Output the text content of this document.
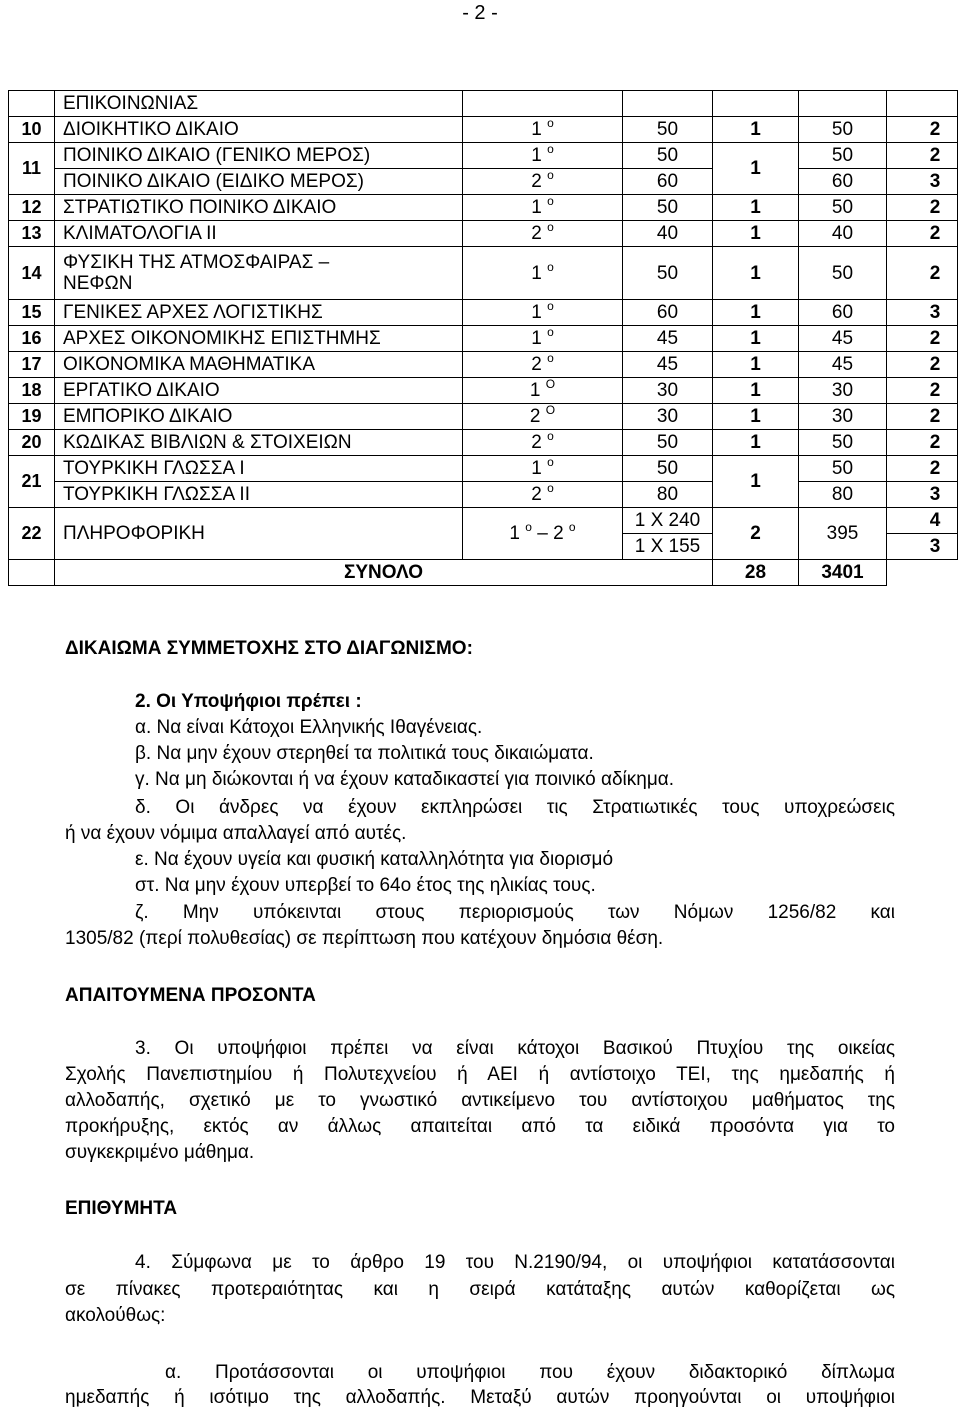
- 2 -
	ΕΠΙΚΟΙΝΩΝΙΑΣ					
10	ΔΙΟΙΚΗΤΙΚΟ ΔΙΚΑΙΟ	1 $^o$	50	1	50	2
11	ΠΟΙΝΙΚΟ ΔΙΚΑΙΟ (ΓΕΝΙΚΟ ΜΕΡΟΣ)	1 $^o$	50	1	50	2
	ΠΟΙΝΙΚΟ ΔΙΚΑΙΟ (ΕΙΔΙΚΟ ΜΕΡΟΣ)	2 $^o$	60		60	3
12	ΣΤΡΑΤΙΩΤΙΚΟ ΠΟΙΝΙΚΟ ΔΙΚΑΙΟ	1 $^o$	50	1	50	2
13	ΚΛΙΜΑΤΟΛΟΓΙΑ ΙΙ	2 $^o$	40	1	40	2
14	ΦΥΣΙΚΗ ΤΗΣ ΑΤΜΟΣΦΑΙΡΑΣ –
ΝΕΦΩΝ	1 $^o$	50	1	50	2
15	ΓΕΝΙΚΕΣ ΑΡΧΕΣ ΛΟΓΙΣΤΙΚΗΣ	1 $^o$	60	1	60	3
16	ΑΡΧΕΣ ΟΙΚΟΝΟΜΙΚΗΣ ΕΠΙΣΤΗΜΗΣ	1 $^o$	45	1	45	2
17	ΟΙΚΟΝΟΜΙΚΑ ΜΑΘΗΜΑΤΙΚΑ	2 $^o$	45	1	45	2
18	ΕΡΓΑΤΙΚΟ ΔΙΚΑΙΟ	1 $^O$	30	1	30	2
19	ΕΜΠΟΡΙΚΟ ΔΙΚΑΙΟ	2 $^O$	30	1	30	2
20	ΚΩΔΙΚΑΣ ΒΙΒΛΙΩΝ & ΣΤΟΙΧΕΙΩΝ	2 $^o$	50	1	50	2
21	ΤΟΥΡΚΙΚΗ ΓΛΩΣΣΑ Ι	1 $^o$	50	1	50	2
	ΤΟΥΡΚΙΚΗ ΓΛΩΣΣΑ ΙΙ	2 $^o$	80		80	3
22	ΠΛΗΡΟΦΟΡΙΚΗ	1 $^o$ – 2 $^o$	1 Χ 240	2	395	4
			1 Χ 155			3
	ΣΥΝΟΛΟ			28	3401	
ΔΙΚΑΙΩΜΑ ΣΥΜΜΕΤΟΧΗΣ ΣΤΟ ΔΙΑΓΩΝΙΣΜΟ:
2. Οι Υποψήφιοι πρέπει :
α. Να είναι Κάτοχοι Ελληνικής Ιθαγένειας.
β. Να μην έχουν στερηθεί τα πολιτικά τους δικαιώματα.
γ. Να μη διώκονται ή να έχουν καταδικαστεί για ποινικό αδίκημα.
δ. Οι άνδρες να έχουν εκπληρώσει τις Στρατιωτικές τους υποχρεώσεις
ή να έχουν νόμιμα απαλλαγεί από αυτές.
ε. Να έχουν υγεία και φυσική καταλληλότητα για διορισμό
στ. Να μην έχουν υπερβεί το 64ο έτος της ηλικίας τους.
ζ. Μην υπόκεινται στους περιορισμούς των Νόμων 1256/82 και
1305/82 (περί πολυθεσίας) σε περίπτωση που κατέχουν δημόσια θέση.
ΑΠΑΙΤΟΥΜΕΝΑ ΠΡΟΣΟΝΤΑ
3. Οι υποψήφιοι πρέπει να είναι κάτοχοι Βασικού Πτυχίου της οικείας
Σχολής Πανεπιστημίου ή Πολυτεχνείου ή ΑΕΙ ή αντίστοιχο ΤΕΙ, της ημεδαπής ή
αλλοδαπής, σχετικό με το γνωστικό αντικείμενο του αντίστοιχου μαθήματος της
προκήρυξης, εκτός αν άλλως απαιτείται από τα ειδικά προσόντα για το
συγκεκριμένο μάθημα.
ΕΠΙΘΥΜΗΤΑ
4. Σύμφωνα με το άρθρο 19 του Ν.2190/94, οι υποψήφιοι κατατάσσονται
σε πίνακες προτεραιότητας και η σειρά κατάταξης αυτών καθορίζεται ως
ακολούθως:
α. Προτάσσονται οι υποψήφιοι που έχουν διδακτορικό δίπλωμα
ημεδαπής ή ισότιμο της αλλοδαπής. Μεταξύ αυτών προηγούνται οι υποψήφιοι
